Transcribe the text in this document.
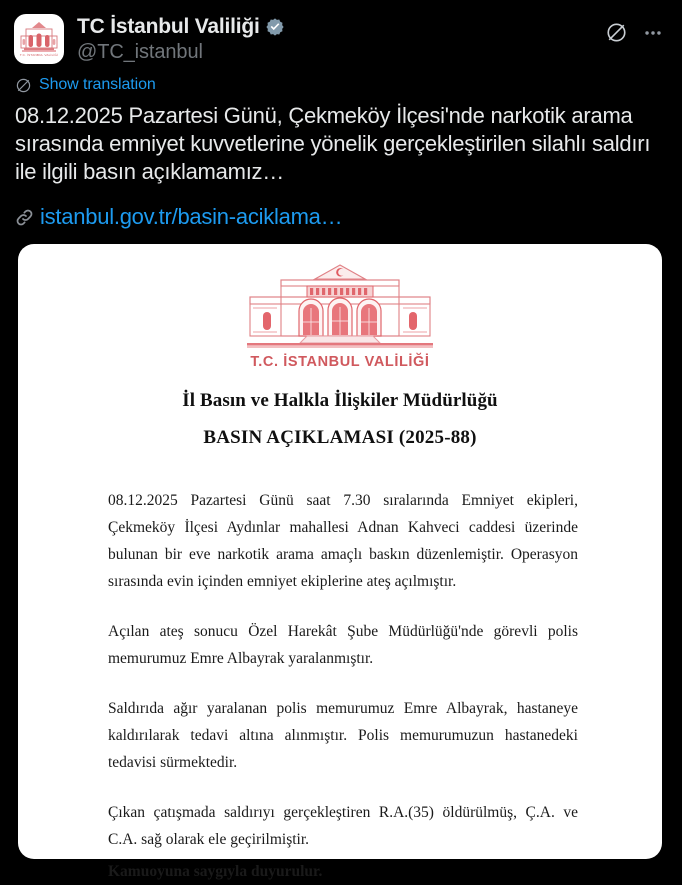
T.C. İSTANBUL VALİLİĞİ
TC İstanbul Valiliği
@TC_istanbul
Show translation
08.12.2025 Pazartesi Günü, Çekmeköy İlçesi'nde narkotik arama sırasında emniyet kuvvetlerine yönelik gerçekleştirilen silahlı saldırı ile ilgili basın açıklamamız…
istanbul.gov.tr/basin-aciklama…
T.C. İSTANBUL VALİLİĞİ
İl Basın ve Halkla İlişkiler Müdürlüğü
BASIN AÇIKLAMASI (2025-88)

08.12.2025 Pazartesi Günü saat 7.30 sıralarında Emniyet ekipleri, Çekmeköy İlçesi Aydınlar mahallesi Adnan Kahveci caddesi üzerinde bulunan bir eve narkotik arama amaçlı baskın düzenlemiştir. Operasyon sırasında evin içinden emniyet ekiplerine ateş açılmıştır.

Açılan ateş sonucu Özel Harekât Şube Müdürlüğü'nde görevli polis memurumuz Emre Albayrak yaralanmıştır.

Saldırıda ağır yaralanan polis memurumuz Emre Albayrak, hastaneye kaldırılarak tedavi altına alınmıştır. Polis memurumuzun hastanedeki tedavisi sürmektedir.

Çıkan çatışmada saldırıyı gerçekleştiren R.A.(35) öldürülmüş, Ç.A. ve C.A. sağ olarak ele geçirilmiştir.

Kamuoyuna saygıyla duyurulur.
